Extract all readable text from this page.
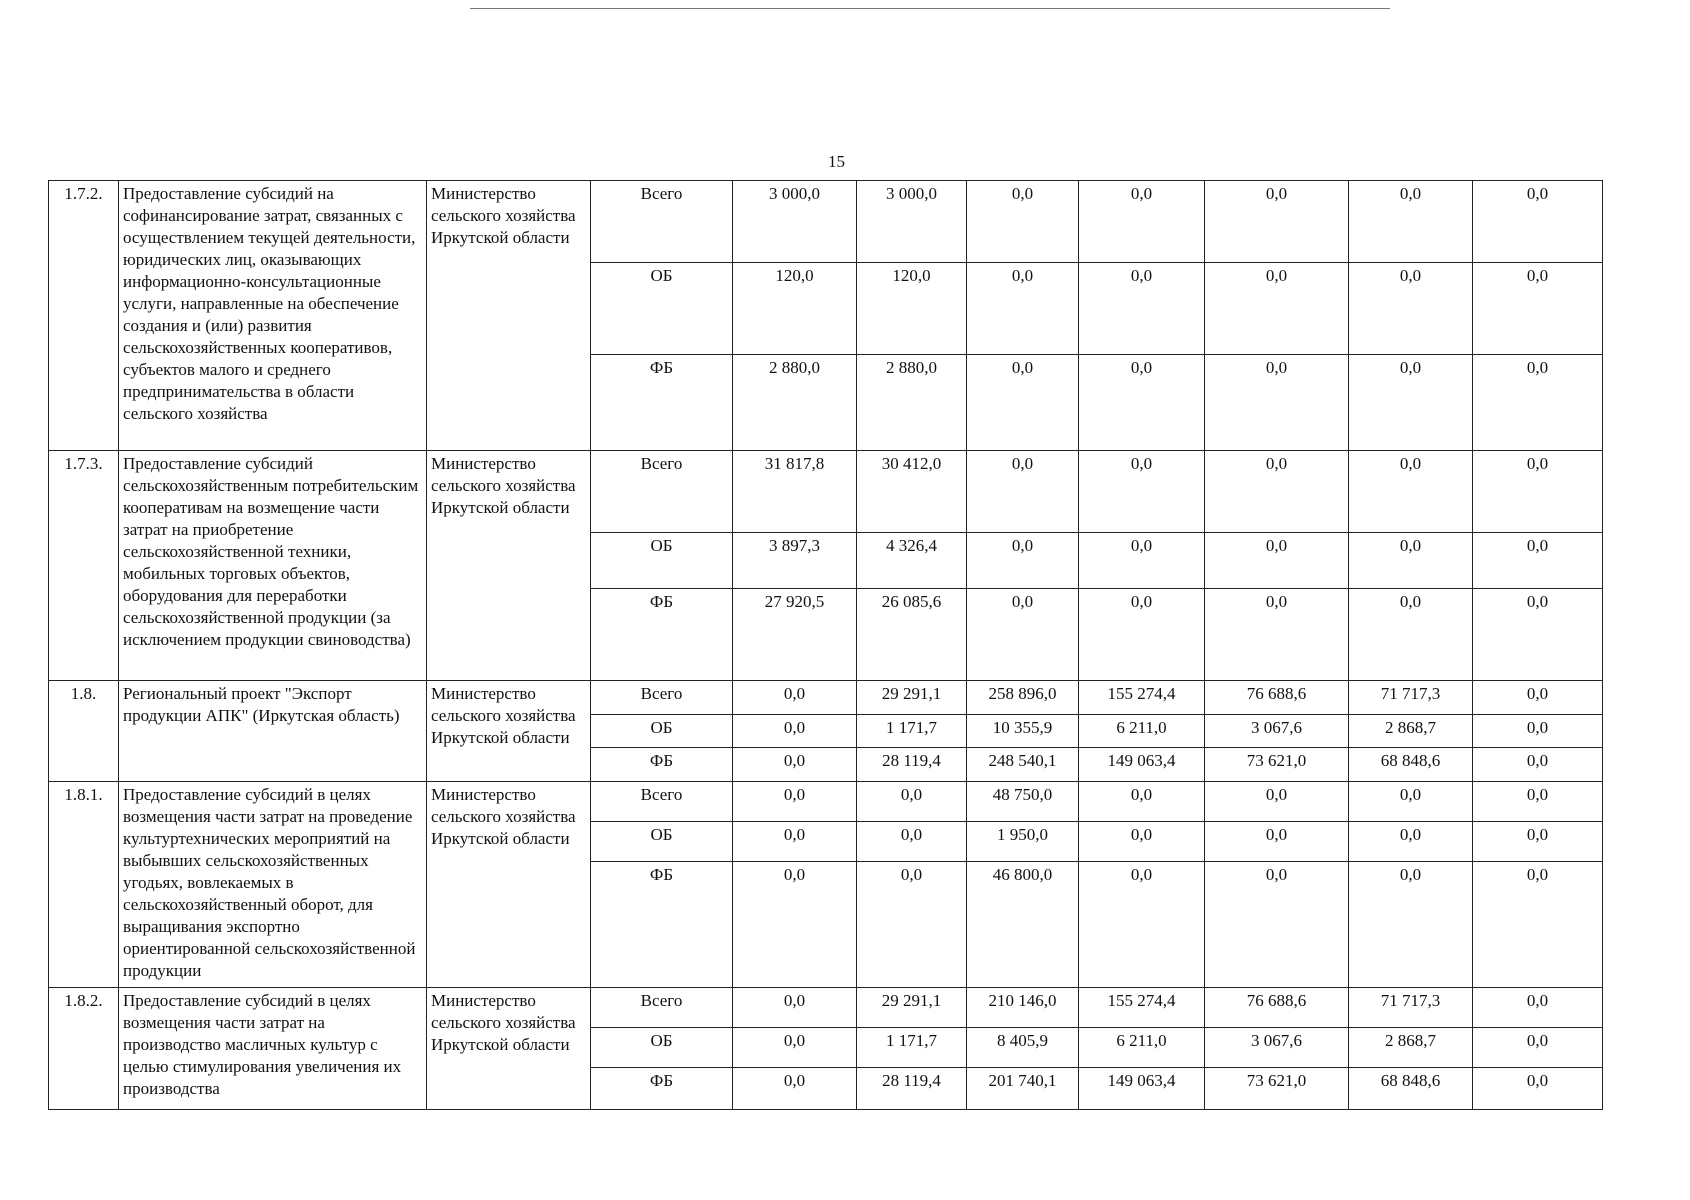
15
1.7.2.	Предоставление субсидий на софинансирование затрат, связанных с осуществлением текущей деятельности, юридических лиц, оказывающих информационно-консультационные услуги, направленные на обеспечение создания и (или) развития сельскохозяйственных кооперативов, субъектов малого и среднего предпринимательства в области сельского хозяйства	Министерство сельского хозяйства Иркутской области	Всего	3 000,0	3 000,0	0,0	0,0	0,0	0,0	0,0
			ОБ	120,0	120,0	0,0	0,0	0,0	0,0	0,0
			ФБ	2 880,0	2 880,0	0,0	0,0	0,0	0,0	0,0
1.7.3.	Предоставление субсидий сельскохозяйственным потребительским кооперативам на возмещение части затрат на приобретение сельскохозяйственной техники, мобильных торговых объектов, оборудования для переработки сельскохозяйственной продукции (за исключением продукции свиноводства)	Министерство сельского хозяйства Иркутской области	Всего	31 817,8	30 412,0	0,0	0,0	0,0	0,0	0,0
			ОБ	3 897,3	4 326,4	0,0	0,0	0,0	0,0	0,0
			ФБ	27 920,5	26 085,6	0,0	0,0	0,0	0,0	0,0
1.8.	Региональный проект "Экспорт продукции АПК" (Иркутская область)	Министерство сельского хозяйства Иркутской области	Всего	0,0	29 291,1	258 896,0	155 274,4	76 688,6	71 717,3	0,0
			ОБ	0,0	1 171,7	10 355,9	6 211,0	3 067,6	2 868,7	0,0
			ФБ	0,0	28 119,4	248 540,1	149 063,4	73 621,0	68 848,6	0,0
1.8.1.	Предоставление субсидий в целях возмещения части затрат на проведение культуртехнических мероприятий на выбывших сельскохозяйственных угодьях, вовлекаемых в сельскохозяйственный оборот, для выращивания экспортно ориентированной сельскохозяйственной продукции	Министерство сельского хозяйства Иркутской области	Всего	0,0	0,0	48 750,0	0,0	0,0	0,0	0,0
			ОБ	0,0	0,0	1 950,0	0,0	0,0	0,0	0,0
			ФБ	0,0	0,0	46 800,0	0,0	0,0	0,0	0,0
1.8.2.	Предоставление субсидий в целях возмещения части затрат на производство масличных культур с целью стимулирования увеличения их производства	Министерство сельского хозяйства Иркутской области	Всего	0,0	29 291,1	210 146,0	155 274,4	76 688,6	71 717,3	0,0
			ОБ	0,0	1 171,7	8 405,9	6 211,0	3 067,6	2 868,7	0,0
			ФБ	0,0	28 119,4	201 740,1	149 063,4	73 621,0	68 848,6	0,0
